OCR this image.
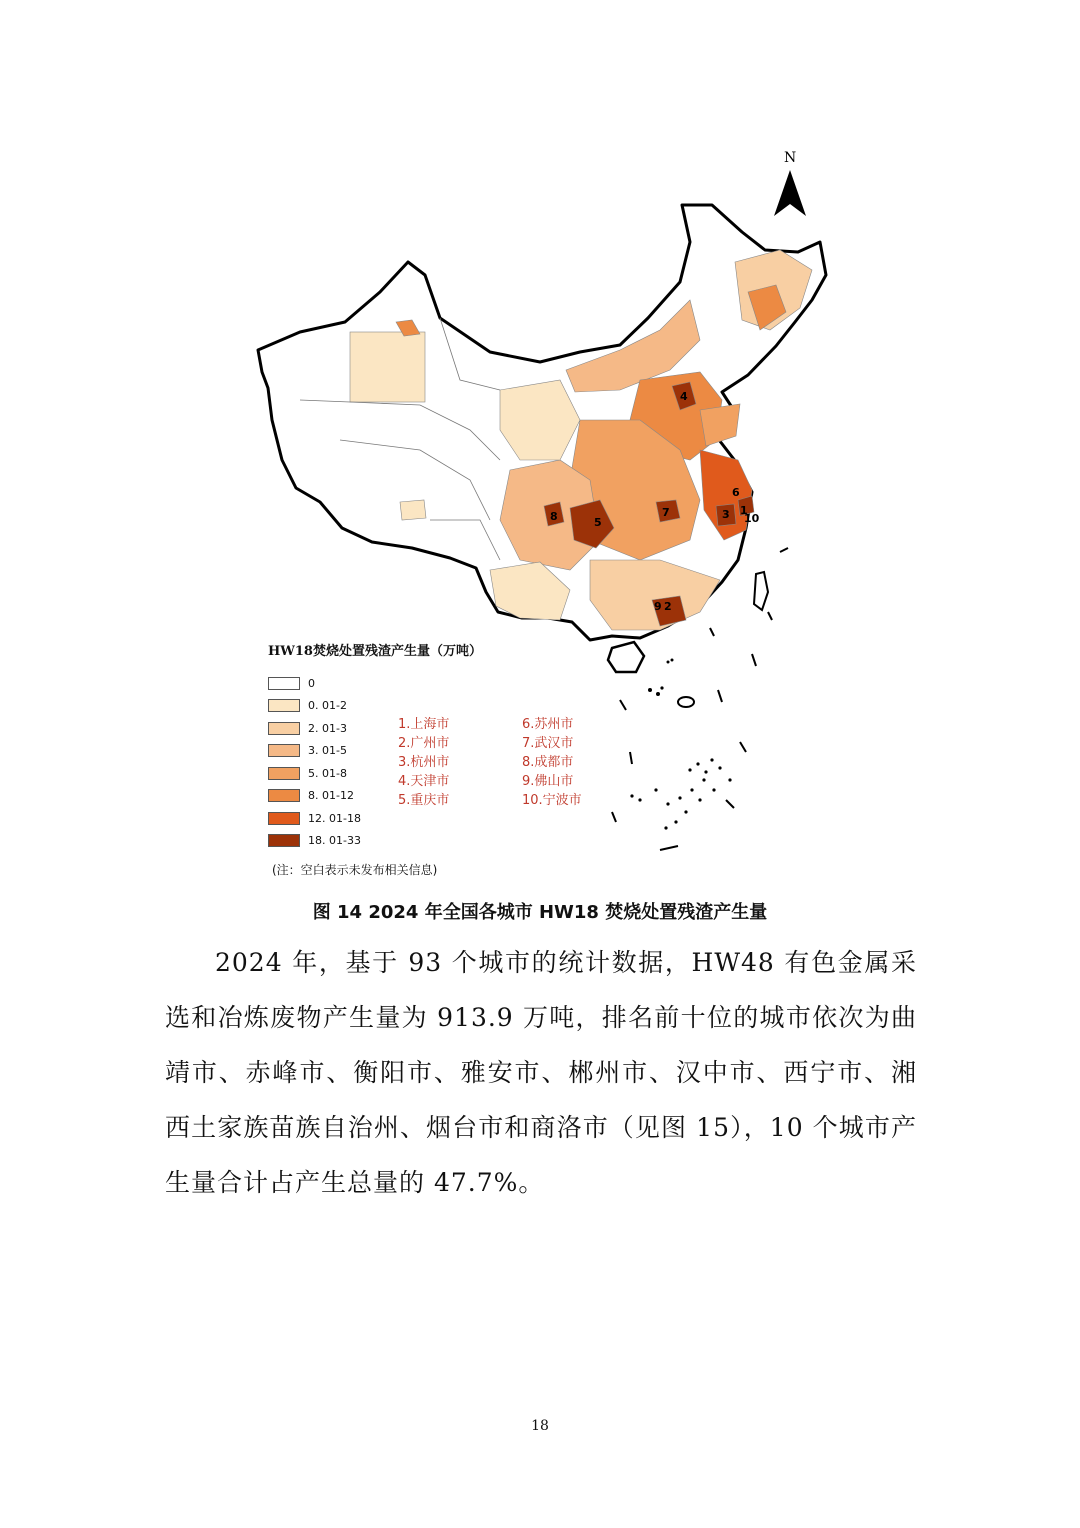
N
4
6
1
3 10
7
8	5
9 2
HW18焚烧处置残渣产生量（万吨）
0
0. 01-2
2. 01-3
3. 01-5
5. 01-8
8. 01-12
12. 01-18
18. 01-33
1.上海市
2.广州市
3.杭州市
4.天津市
5.重庆市
6.苏州市
7.武汉市
8.成都市
9.佛山市
10.宁波市
(注：空白表示未发布相关信息)
图 14 2024 年全国各城市 HW18 焚烧处置残渣产生量
2024 年，基于 93 个城市的统计数据，HW48 有色金属采选和冶炼废物产生量为 913.9 万吨，排名前十位的城市依次为曲靖市、赤峰市、衡阳市、雅安市、郴州市、汉中市、西宁市、湘西土家族苗族自治州、烟台市和商洛市（见图 15），10 个城市产生量合计占产生总量的 47.7%。
18
